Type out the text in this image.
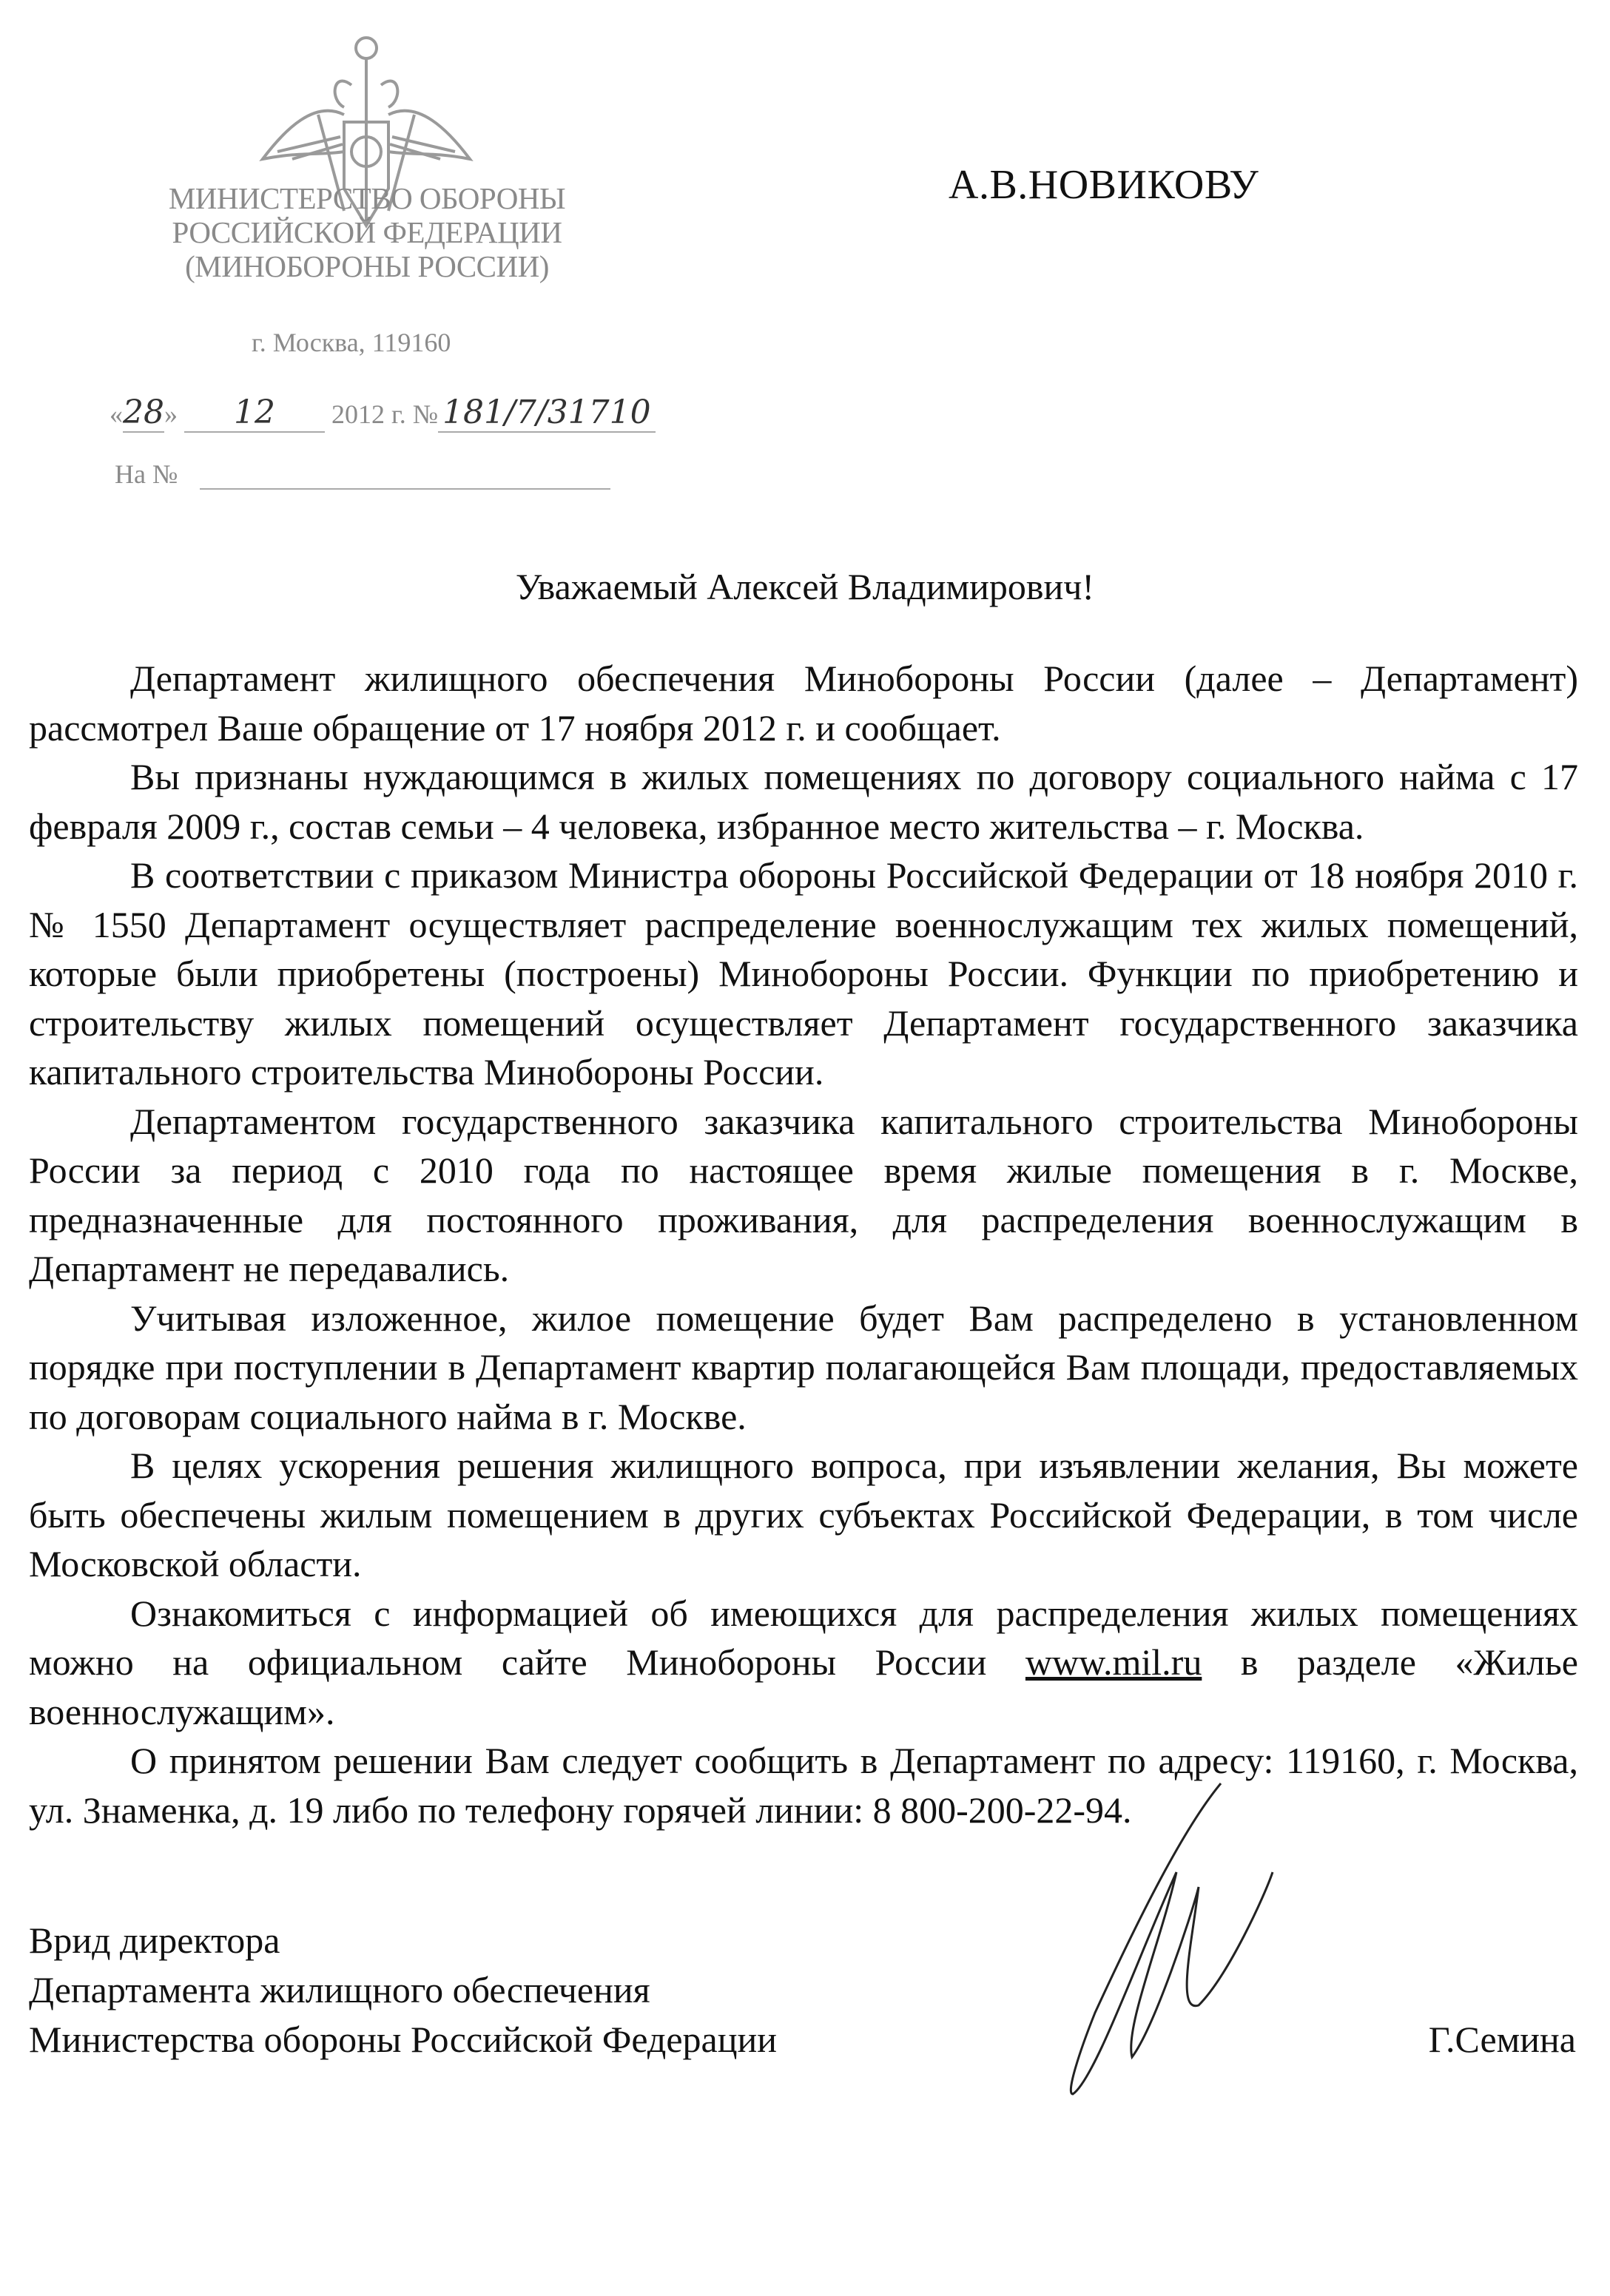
МИНИСТЕРСТВО ОБОРОНЫ
РОССИЙСКОЙ ФЕДЕРАЦИИ
(МИНОБОРОНЫ РОССИИ)
г. Москва, 119160
«28» 12 2012 г. № 181/7/31710
На №
А.В.НОВИКОВУ
Уважаемый Алексей Владимирович!

Департамент жилищного обеспечения Минобороны России (далее – Департамент) рассмотрел Ваше обращение от 17 ноября 2012 г. и сообщает.

Вы признаны нуждающимся в жилых помещениях по договору социального найма с 17 февраля 2009 г., состав семьи – 4 человека, избранное место жительства – г. Москва.

В соответствии с приказом Министра обороны Российской Федерации от 18 ноября 2010 г. № 1550 Департамент осуществляет распределение военнослужащим тех жилых помещений, которые были приобретены (построены) Минобороны России. Функции по приобретению и строительству жилых помещений осуществляет Департамент государственного заказчика капитального строительства Минобороны России.

Департаментом государственного заказчика капитального строительства Минобороны России за период с 2010 года по настоящее время жилые помещения в г. Москве, предназначенные для постоянного проживания, для распределения военнослужащим в Департамент не передавались.

Учитывая изложенное, жилое помещение будет Вам распределено в установленном порядке при поступлении в Департамент квартир полагающейся Вам площади, предоставляемых по договорам социального найма в г. Москве.

В целях ускорения решения жилищного вопроса, при изъявлении желания, Вы можете быть обеспечены жилым помещением в других субъектах Российской Федерации, в том числе Московской области.

Ознакомиться с информацией об имеющихся для распределения жилых помещениях можно на официальном сайте Минобороны России www.mil.ru в разделе «Жилье военнослужащим».

О принятом решении Вам следует сообщить в Департамент по адресу: 119160, г. Москва, ул. Знаменка, д. 19 либо по телефону горячей линии: 8 800-200-22-94.

Врид директора
Департамента жилищного обеспечения
Министерства обороны Российской Федерации	Г.Семина
